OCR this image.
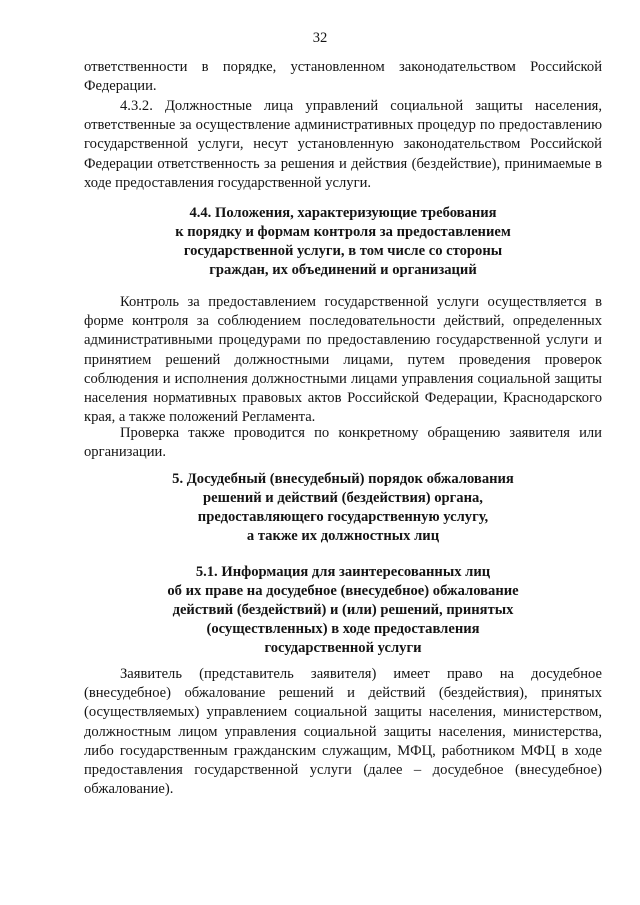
32

ответственности в порядке, установленном законодательством Российской Федерации.

4.3.2. Должностные лица управлений социальной защиты населения, ответственные за осуществление административных процедур по предоставлению государственной услуги, несут установленную законодательством Российской Федерации ответственность за решения и действия (бездействие), принимаемые в ходе предоставления государственной услуги.

4.4. Положения, характеризующие требования
к порядку и формам контроля за предоставлением
государственной услуги, в том числе со стороны
граждан, их объединений и организаций

Контроль за предоставлением государственной услуги осуществляется в форме контроля за соблюдением последовательности действий, определенных административными процедурами по предоставлению государственной услуги и принятием решений должностными лицами, путем проведения проверок соблюдения и исполнения должностными лицами управления социальной защиты населения нормативных правовых актов Российской Федерации, Краснодарского края, а также положений Регламента.

Проверка также проводится по конкретному обращению заявителя или организации.

5. Досудебный (внесудебный) порядок обжалования
решений и действий (бездействия) органа,
предоставляющего государственную услугу,
а также их должностных лиц
5.1. Информация для заинтересованных лиц
об их праве на досудебное (внесудебное) обжалование
действий (бездействий) и (или) решений, принятых
(осуществленных) в ходе предоставления
государственной услуги

Заявитель (представитель заявителя) имеет право на досудебное (внесудебное) обжалование решений и действий (бездействия), принятых (осуществляемых) управлением социальной защиты населения, министерством, должностным лицом управления социальной защиты населения, министерства, либо государственным гражданским служащим, МФЦ, работником МФЦ в ходе предоставления государственной услуги (далее – досудебное (внесудебное) обжалование).
